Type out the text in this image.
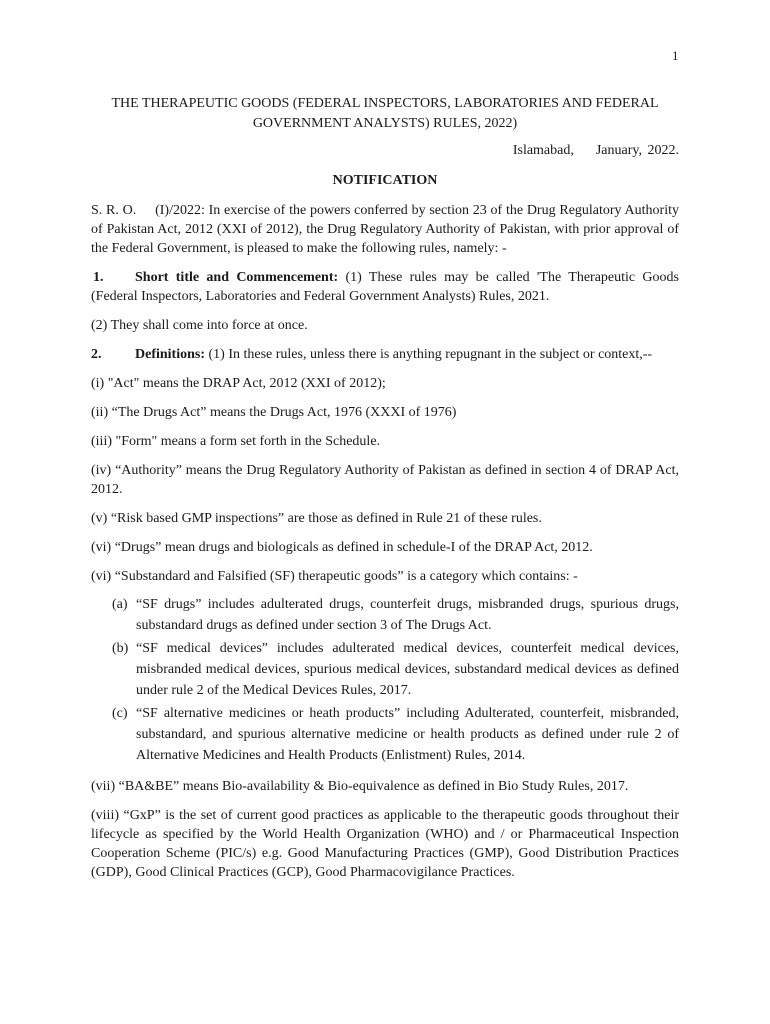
1
THE THERAPEUTIC GOODS (FEDERAL INSPECTORS, LABORATORIES AND FEDERAL GOVERNMENT ANALYSTS) RULES, 2022)
Islamabad,    January, 2022.
NOTIFICATION

S. R. O.     (I)/2022: In exercise of the powers conferred by section 23 of the Drug Regulatory Authority of Pakistan Act, 2012 (XXI of 2012), the Drug Regulatory Authority of Pakistan, with prior approval of the Federal Government, is pleased to make the following rules, namely: -

1. Short title and Commencement: (1) These rules may be called 'The Therapeutic Goods (Federal Inspectors, Laboratories and Federal Government Analysts) Rules, 2021.

(2) They shall come into force at once.

2. Definitions: (1) In these rules, unless there is anything repugnant in the subject or context,--

(i) "Act" means the DRAP Act, 2012 (XXI of 2012);

(ii) “The Drugs Act” means the Drugs Act, 1976 (XXXI of 1976)

(iii) "Form" means a form set forth in the Schedule.

(iv) “Authority” means the Drug Regulatory Authority of Pakistan as defined in section 4 of DRAP Act, 2012.

(v) “Risk based GMP inspections” are those as defined in Rule 21 of these rules.

(vi) “Drugs” mean drugs and biologicals as defined in schedule-I of the DRAP Act, 2012.

(vi) “Substandard and Falsified (SF) therapeutic goods” is a category which contains: -

(a) “SF drugs” includes adulterated drugs, counterfeit drugs, misbranded drugs, spurious drugs, substandard drugs as defined under section 3 of The Drugs Act.
(b) “SF medical devices” includes adulterated medical devices, counterfeit medical devices, misbranded medical devices, spurious medical devices, substandard medical devices as defined under rule 2 of the Medical Devices Rules, 2017.
(c) “SF alternative medicines or heath products” including Adulterated, counterfeit, misbranded, substandard, and spurious alternative medicine or health products as defined under rule 2 of Alternative Medicines and Health Products (Enlistment) Rules, 2014.

(vii) “BA&BE” means Bio-availability & Bio-equivalence as defined in Bio Study Rules, 2017.

(viii) “GxP” is the set of current good practices as applicable to the therapeutic goods throughout their lifecycle as specified by the World Health Organization (WHO) and / or Pharmaceutical Inspection Cooperation Scheme (PIC/s) e.g. Good Manufacturing Practices (GMP), Good Distribution Practices (GDP), Good Clinical Practices (GCP), Good Pharmacovigilance Practices.
